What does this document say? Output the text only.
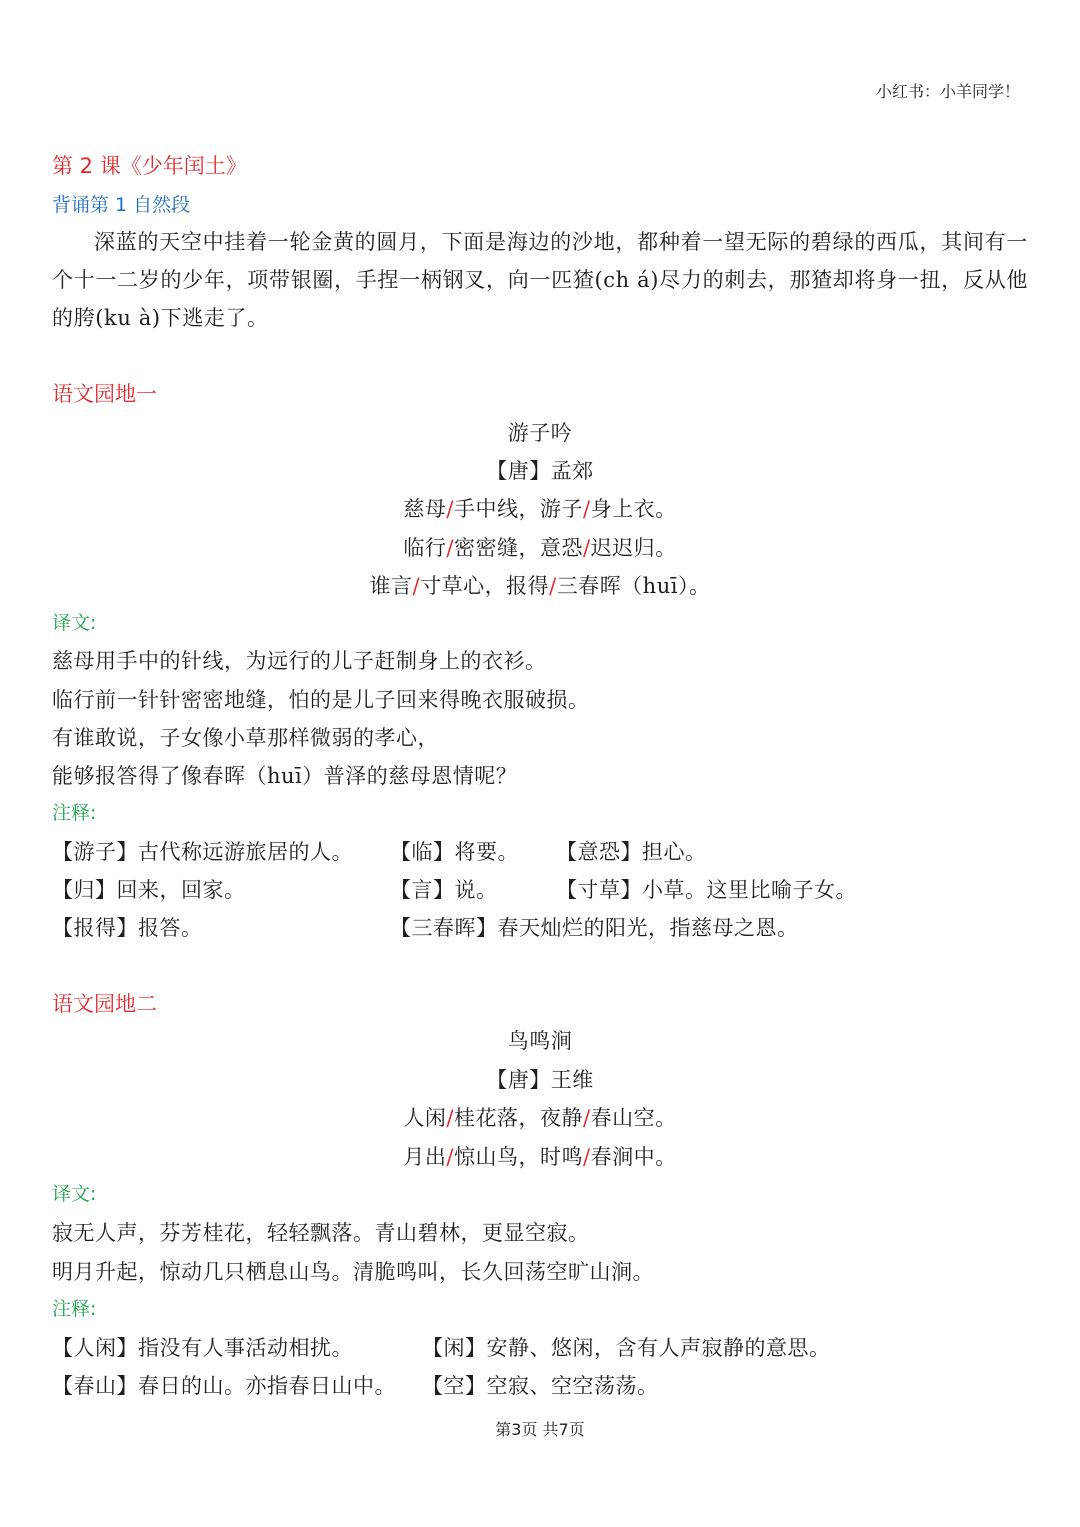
小红书：小羊同学！
第 2 课《少年闰土》
背诵第 1 自然段
深蓝的天空中挂着一轮金黄的圆月，下面是海边的沙地，都种着一望无际的碧绿的西瓜，其间有一个十一二岁的少年，项带银圈，手捏一柄钢叉，向一匹猹(ch á)尽力的刺去，那猹却将身一扭，反从他的胯(ku à)下逃走了。
语文园地一
游子吟
【唐】孟郊
慈母/手中线，游子/身上衣。
临行/密密缝，意恐/迟迟归。
谁言/寸草心，报得/三春晖（huī）。
译文:
慈母用手中的针线，为远行的儿子赶制身上的衣衫。
临行前一针针密密地缝，怕的是儿子回来得晚衣服破损。
有谁敢说，子女像小草那样微弱的孝心，
能够报答得了像春晖（huī）普泽的慈母恩情呢？
注释:
【游子】古代称远游旅居的人。 【临】将要。 【意恐】担心。
【归】回来，回家。	【言】说。	【寸草】小草。这里比喻子女。
【报得】报答。	【三春晖】春天灿烂的阳光，指慈母之恩。
语文园地二
鸟鸣涧
【唐】王维
人闲/桂花落，夜静/春山空。
月出/惊山鸟，时鸣/春涧中。
译文:
寂无人声，芬芳桂花，轻轻飘落。青山碧林，更显空寂。
明月升起，惊动几只栖息山鸟。清脆鸣叫，长久回荡空旷山涧。
注释:
【人闲】指没有人事活动相扰。	【闲】安静、悠闲，含有人声寂静的意思。
【春山】春日的山。亦指春日山中。 【空】空寂、空空荡荡。
第3页 共7页
